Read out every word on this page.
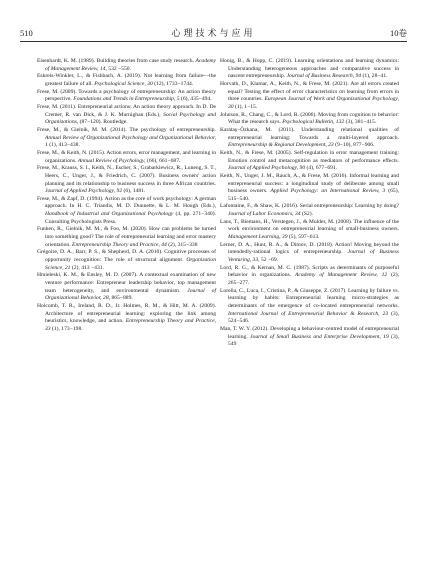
510	心理技术与应用	10卷

Eisenhardt, K. M. (1989). Building theories from case study research. Academy of Management Review, 14, 532 −550.

Eskreis-Winkler, L., & Fishbach, A. (2019). Not learning from failure—the greatest failure of all. Psychological Science, 30 (12), 1733−1744.

Frese, M. (2009). Towards a psychology of entrepreneurship: An action theory perspective. Foundations and Trends in Entrepreneurship, 5 (6), 435−494.

Frese, M. (2011). Entrepreneurial actions: An action theory approach. In D. De Cremer, R. van Dick, & J. K. Murnighan (Eds.), Social Psychology and Organizations, (87−120). Routledge.

Frese, M., & Gielnik, M. M. (2014). The psychology of entrepreneurship. Annual Review of Organizational Psychology and Organizational Behavior, 1 (1), 413−438.

Frese, M., & Keith, N. (2015). Action errors, error management, and learning in organizations. Annual Review of Psychology, (66), 661−687.

Frese, M., Krauss, S. I., Keith, N., Escher, S., Grabarkiewicz, R., Luneng, S. T., Heers, C., Unger, J., & Friedrich, C. (2007). Business owners' action planning and its relationship to business success in three African countries. Journal of Applied Psychology, 92 (6), 1481.

Frese, M., & Zapf, D. (1994). Action as the core of work psychology: A german approach. In H. C. Triandis, M. D. Dunnette, & L. M. Hough (Eds.), Handbook of Industrial and Organizational Psychology (4, pp. 271−340). Consulting Psychologists Press.

Funken, R., Gielnik, M. M., & Foo, M. (2020). How can problems be turned into something good? The role of entrepreneurial learning and error mastery orientation. Entrepreneurship Theory and Practice, 44 (2), 315−338

Grégoire, D. A., Barr, P. S., & Shepherd, D. A. (2010). Cognitive processes of opportunity recognition: The role of structural alignment. Organization Science, 21 (2), 413 −431.

Hmieleski, K. M., & Ensley, M. D. (2007). A contextual examination of new venture performance: Entrepreneur leadership behavior, top management team heterogeneity, and environmental dynamism. Journal of Organizational Behavior, 28, 865−889.

Holcomb, T. R., Ireland, R. D., Jr. Holmes, R. M., & Hitt, M. A. (2009). Architecture of entrepreneurial learning: exploring the link among heuristics, knowledge, and action. Entrepreneurship Theory and Practice, 33 (1), 173−198.

Honig, B., & Hopp, C. (2019). Learning orientations and learning dynamics: Understanding heterogeneous approaches and comparative success in nascent entrepreneurship. Journal of Business Research, 94 (1), 28−41.

Horvath, D., Klamar, A., Keith, N., & Frese, M. (2021). Are all errors created equal? Testing the effect of error characteristics on learning from errors in three countries. European Journal of Work and Organizational Psychology, 30 (1), 1−15.

Johnson, R., Chang, C., & Lord, R. (2006). Moving from cognition to behavior: What the research says. Psychological Bulletin, 132 (3), 381−415.

Karataş−Özkana, M. (2011). Understanding relational qualities of entrepreneurial learning: Towards a multi-layered approach. Entrepreneurship & Regional Development, 23 (9−10), 877−906.

Keith, N., & Frese, M. (2005). Self-regulation in error management training: Emotion control and metacognition as mediators of performance effects. Journal of Applied Psychology, 90 (4), 677−691.

Keith, N., Unger, J. M., Rauch, A., & Frese, M. (2016). Informal learning and entrepreneurial success: a longitudinal study of deliberate among small business owners. Applied Psychology: an International Review, 3 (65), 515−540.

Lafontaine, F., & Shaw, K. (2016). Serial entrepreneurship: Learning by doing? Journal of Labor Economics, 34 (S2).

Lans, T., Biemans, H., Verstegen, J., & Mulder, M. (2008). The influence of the work environment on entrepreneurial learning of small-business owners. Management Learning, 39 (5), 597−613.

Lerner, D. A., Hunt, R. A., & Dimov, D. (2018). Action! Moving beyond the intendedly-rational logics of entrepreneurship. Journal of Business Venturing, 33, 52 −69.

Lord, R. G., & Kernan, M. C. (1987). Scripts as determinants of purposeful behavior in organizations. Academy of Management Review, 12 (2), 265−277.

Lorella, C., Luca, I., Cristina, P., & Giuseppe, Z. (2017). Learning by failure vs. learning by habits: Entrepreneurial learning micro-strategies as determinants of the emergence of co-located entrepreneurial networks. International Journal of Entrepreneurial Behavior & Research, 23 (3), 524−546.

Man, T. W. Y. (2012). Developing a behaviour-centred model of entrepreneurial learning. Journal of Small Business and Enterprise Development, 19 (3), 549
